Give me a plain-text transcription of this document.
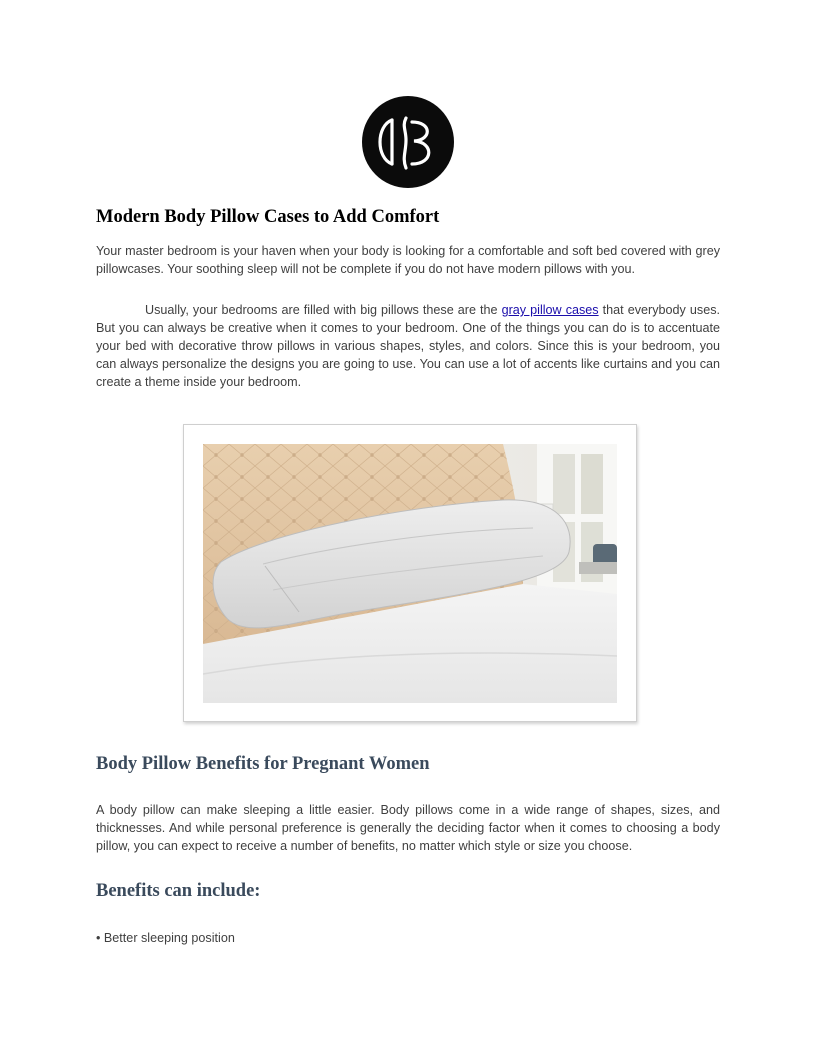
Modern Body Pillow Cases to Add Comfort

Your master bedroom is your haven when your body is looking for a comfortable and soft bed covered with grey pillowcases. Your soothing sleep will not be complete if you do not have modern pillows with you.

Usually, your bedrooms are filled with big pillows these are the gray pillow cases that everybody uses. But you can always be creative when it comes to your bedroom. One of the things you can do is to accentuate your bed with decorative throw pillows in various shapes, styles, and colors. Since this is your bedroom, you can always personalize the designs you are going to use. You can use a lot of accents like curtains and you can create a theme inside your bedroom.

Body Pillow Benefits for Pregnant Women

A body pillow can make sleeping a little easier. Body pillows come in a wide range of shapes, sizes, and thicknesses. And while personal preference is generally the deciding factor when it comes to choosing a body pillow, you can expect to receive a number of benefits, no matter which style or size you choose.

Benefits can include:
• Better sleeping position
